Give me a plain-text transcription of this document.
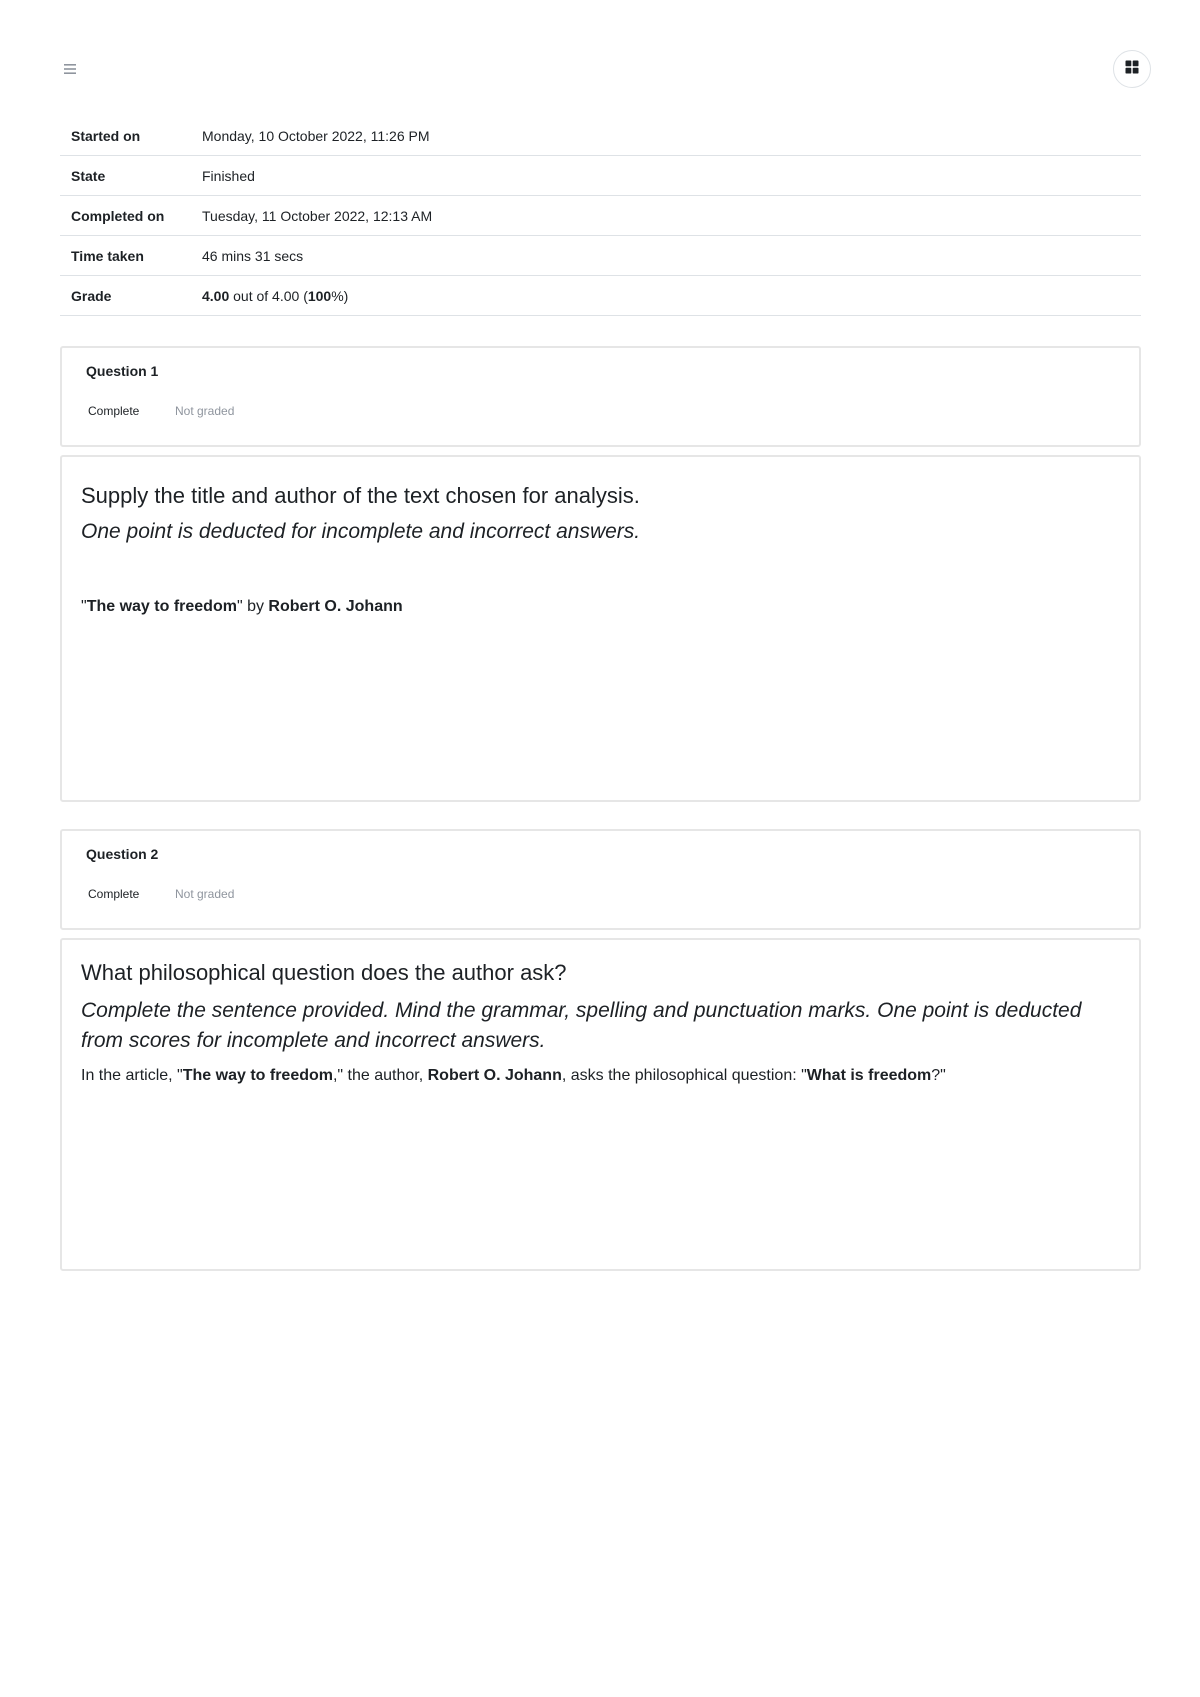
Started on	Monday, 10 October 2022, 11:26 PM
State	Finished
Completed on	Tuesday, 11 October 2022, 12:13 AM
Time taken	46 mins 31 secs
Grade	4.00 out of 4.00 (100%)
Question 1
Complete	Not graded
Supply the title and author of the text chosen for analysis.
One point is deducted for incomplete and incorrect answers.
"The way to freedom" by Robert O. Johann
Question 2
Complete	Not graded
What philosophical question does the author ask?
Complete the sentence provided. Mind the grammar, spelling and punctuation marks. One point is deducted from scores for incomplete and incorrect answers.
In the article, "The way to freedom," the author, Robert O. Johann, asks the philosophical question: "What is freedom?"
